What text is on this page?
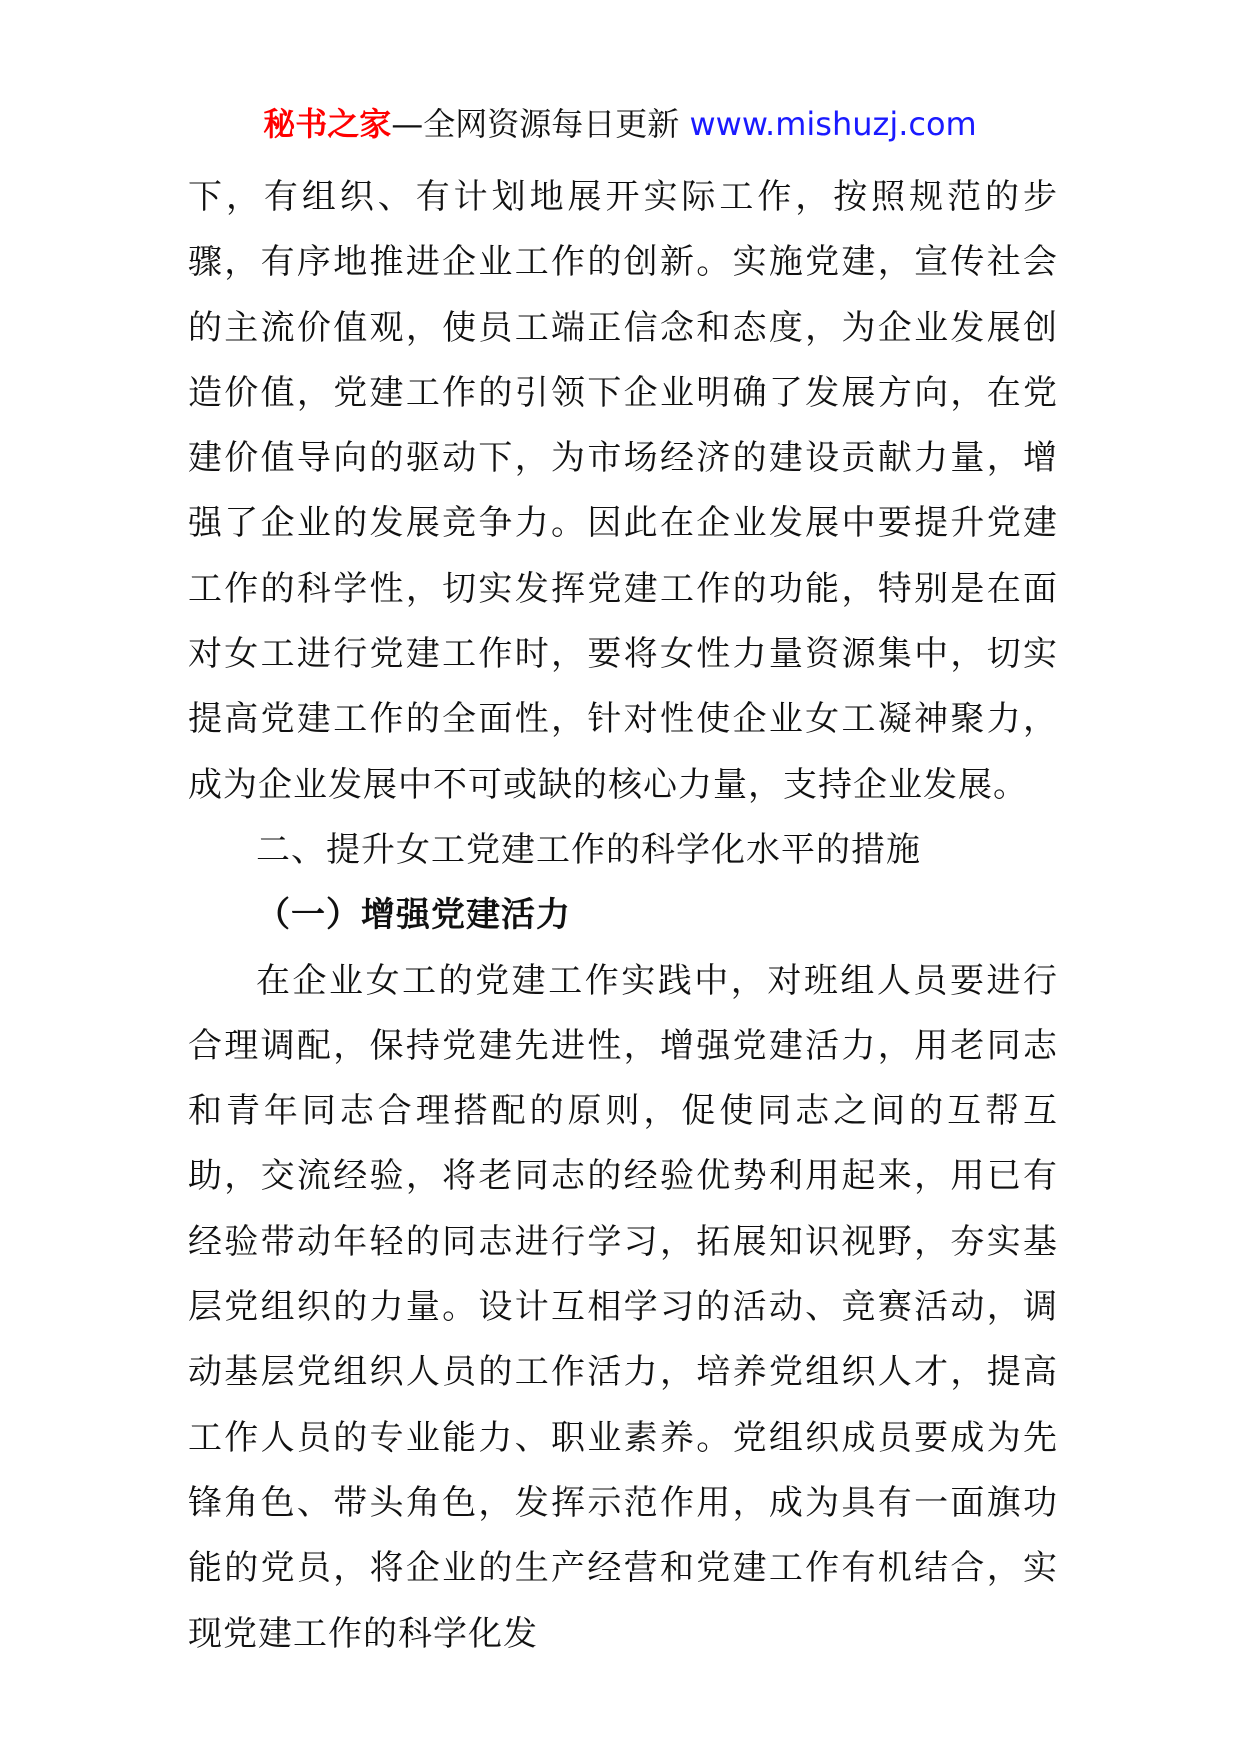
秘书之家—全网资源每日更新 www.mishuzj.com

下，有组织、有计划地展开实际工作，按照规范的步骤，有序地推进企业工作的创新。实施党建，宣传社会的主流价值观，使员工端正信念和态度，为企业发展创造价值，党建工作的引领下企业明确了发展方向，在党建价值导向的驱动下，为市场经济的建设贡献力量，增强了企业的发展竞争力。因此在企业发展中要提升党建工作的科学性，切实发挥党建工作的功能，特别是在面对女工进行党建工作时，要将女性力量资源集中，切实提高党建工作的全面性，针对性使企业女工凝神聚力，成为企业发展中不可或缺的核心力量，支持企业发展。

二、提升女工党建工作的科学化水平的措施

（一）增强党建活力

在企业女工的党建工作实践中，对班组人员要进行合理调配，保持党建先进性，增强党建活力，用老同志和青年同志合理搭配的原则，促使同志之间的互帮互助，交流经验，将老同志的经验优势利用起来，用已有经验带动年轻的同志进行学习，拓展知识视野，夯实基层党组织的力量。设计互相学习的活动、竞赛活动，调动基层党组织人员的工作活力，培养党组织人才，提高工作人员的专业能力、职业素养。党组织成员要成为先锋角色、带头角色，发挥示范作用，成为具有一面旗功能的党员，将企业的生产经营和党建工作有机结合，实现党建工作的科学化发
